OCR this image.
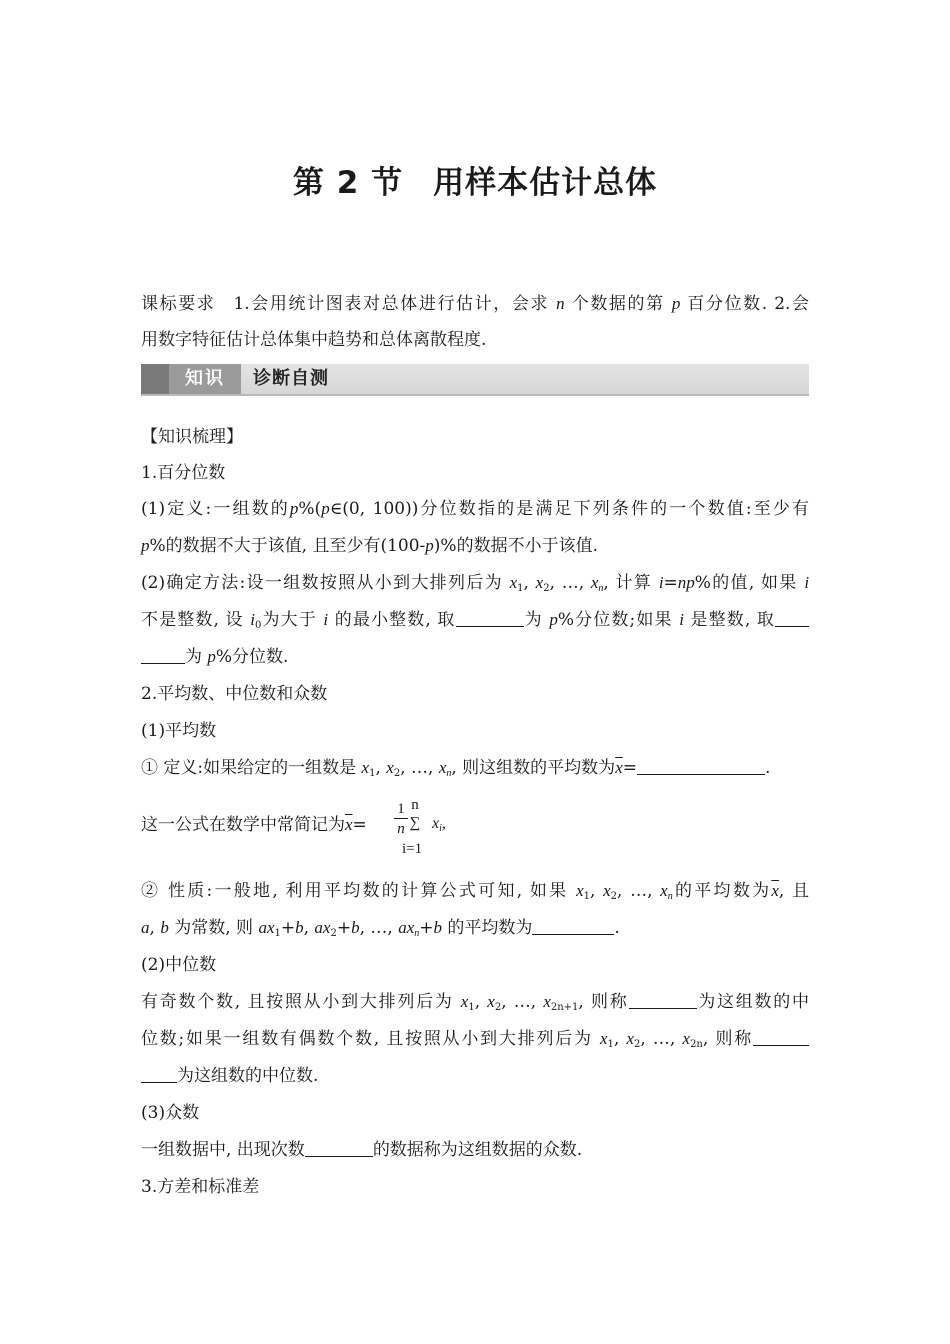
第 2 节 用样本估计总体
课标要求 1.会用统计图表对总体进行估计，会求 n 个数据的第 p 百分位数. 2.会
用数字特征估计总体集中趋势和总体离散程度.
知识	诊断自测
【知识梳理】
1.百分位数
(1)定义:一组数的p%(p∈(0, 100))分位数指的是满足下列条件的一个数值:至少有
p%的数据不大于该值, 且至少有(100-p)%的数据不小于该值.
(2)确定方法:设一组数按照从小到大排列后为 $x_1$, $x_2$, …, $x_n$, 计算 i=np%的值, 如果 i
不是整数, 设 $i_0$为大于 i 的最小整数, 取	为 p%分位数;如果 i 是整数, 取
为 p%分位数.
2.平均数、中位数和众数
(1)平均数
① 定义:如果给定的一组数是 $x_1$, $x_2$, …, $x_n$, 则这组数的平均数为$\overline{x}=$	.
这一公式在数学中常简记为$\overline{x}=$
1
n
n
∑
i=1
$x_i$,
② 性质:一般地, 利用平均数的计算公式可知, 如果 $x_1$, $x_2$, …, $x_n$的平均数为$\overline{x}$, 且
a, b 为常数, 则 $ax_1+b$, $ax_2+b$, …, $ax_n+b$ 的平均数为	.
(2)中位数
有奇数个数, 且按照从小到大排列后为 $x_1$, $x_2$, …, $x_{2n+1}$, 则称	为这组数的中
位数;如果一组数有偶数个数, 且按照从小到大排列后为 $x_1$, $x_2$, …, $x_{2n}$, 则称
为这组数的中位数.
(3)众数
一组数据中, 出现次数	的数据称为这组数据的众数.
3.方差和标准差
